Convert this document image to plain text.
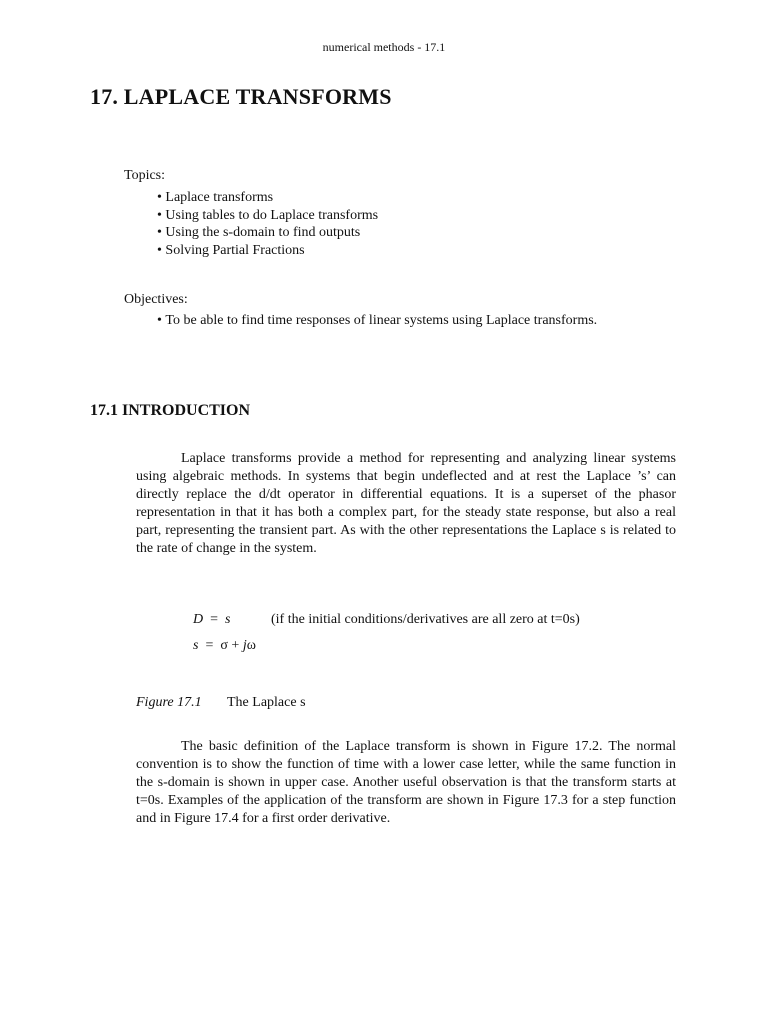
numerical methods - 17.1
17. LAPLACE TRANSFORMS
Topics:
• Laplace transforms
• Using tables to do Laplace transforms
• Using the s-domain to find outputs
• Solving Partial Fractions
Objectives:
• To be able to find time responses of linear systems using Laplace transforms.
17.1 INTRODUCTION

Laplace transforms provide a method for representing and analyzing linear systems using algebraic methods. In systems that begin undeflected and at rest the Laplace ’s’ can directly replace the d/dt operator in differential equations. It is a superset of the phasor representation in that it has both a complex part, for the steady state response, but also a real part, representing the transient part. As with the other representations the Laplace s is related to the rate of change in the system.

D = s	(if the initial conditions/derivatives are all zero at t=0s)
s = σ + jω
Figure 17.1 The Laplace s

The basic definition of the Laplace transform is shown in Figure 17.2. The normal convention is to show the function of time with a lower case letter, while the same function in the s-domain is shown in upper case. Another useful observation is that the transform starts at t=0s. Examples of the application of the transform are shown in Figure 17.3 for a step function and in Figure 17.4 for a first order derivative.
